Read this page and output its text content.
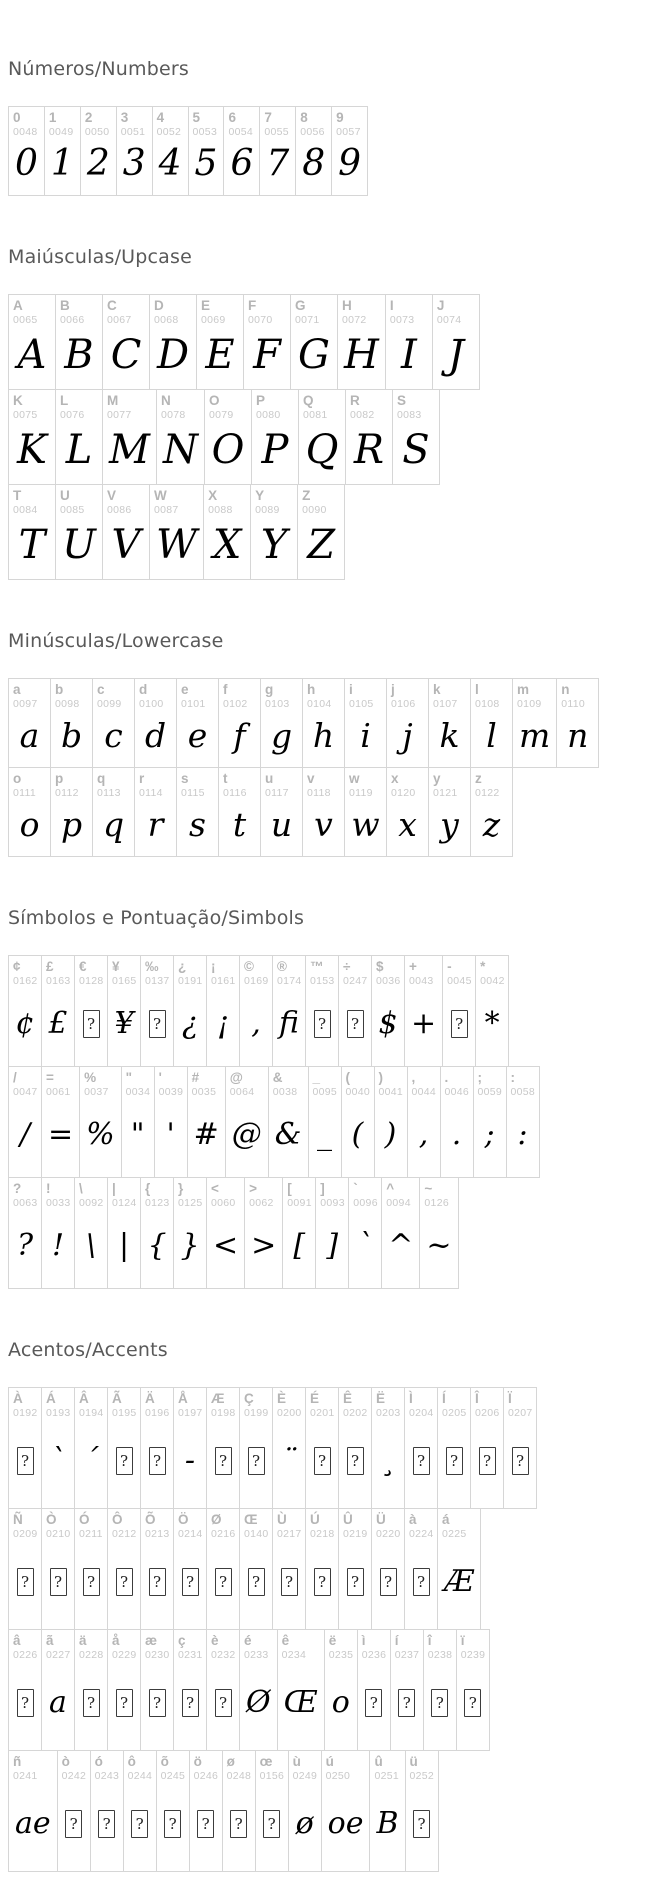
Números/Numbers
0
0048
0
1
0049
1
2
0050
2
3
0051
3
4
0052
4
5
0053
5
6
0054
6
7
0055
7
8
0056
8
9
0057
9
Maiúsculas/Upcase
A
0065
A
B
0066
B
C
0067
C
D
0068
D
E
0069
E
F
0070
F
G
0071
G
H
0072
H
I
0073
I
J
0074
J
K
0075
K
L
0076
L
M
0077
M
N
0078
N
O
0079
O
P
0080
P
Q
0081
Q
R
0082
R
S
0083
S
T
0084
T
U
0085
U
V
0086
V
W
0087
W
X
0088
X
Y
0089
Y
Z
0090
Z
Minúsculas/Lowercase
a
0097
a
b
0098
b
c
0099
c
d
0100
d
e
0101
e
f
0102
f
g
0103
g
h
0104
h
i
0105
i
j
0106
j
k
0107
k
l
0108
l
m
0109
m
n
0110
n
o
0111
o
p
0112
p
q
0113
q
r
0114
r
s
0115
s
t
0116
t
u
0117
u
v
0118
v
w
0119
w
x
0120
x
y
0121
y
z
0122
z
Símbolos e Pontuação/Simbols
¢
0162
¢
£
0163
£
€
0128
?
¥
0165
¥
‰
0137
?
¿
0191
¿
¡
0161
¡
©
0169
,
®
0174
fi
™
0153
?
÷
0247
?
$
0036
$
+
0043
+
-
0045
?
*
0042
*
/
0047
/
=
0061
=
%
0037
%
"
0034
"
'
0039
'
#
0035
#
@
0064
@
&
0038
&
_
0095
_
(
0040
(
)
0041
)
,
0044
,
.
0046
.
;
0059
;
:
0058
:
?
0063
?
!
0033
!
\
0092
\
|
0124
|
{
0123
{
}
0125
}
<
0060
<
>
0062
>
[
0091
[
]
0093
]
`
0096
`
^
0094
^
~
0126
~
Acentos/Accents
À
0192
?
Á
0193
`
Â
0194
´
Ã
0195
?
Ä
0196
?
Å
0197
-
Æ
0198
?
Ç
0199
?
È
0200
¨
É
0201
?
Ê
0202
?
Ë
0203
¸
Ì
0204
?
Í
0205
?
Î
0206
?
Ï
0207
?
Ñ
0209
?
Ò
0210
?
Ó
0211
?
Ô
0212
?
Õ
0213
?
Ö
0214
?
Ø
0216
?
Œ
0140
?
Ù
0217
?
Ú
0218
?
Û
0219
?
Ü
0220
?
à
0224
?
á
0225
Æ
â
0226
?
ã
0227
a
ä
0228
?
å
0229
?
æ
0230
?
ç
0231
?
è
0232
?
é
0233
Ø
ê
0234
Œ
ë
0235
o
ì
0236
?
í
0237
?
î
0238
?
ï
0239
?
ñ
0241
ae
ò
0242
?
ó
0243
?
ô
0244
?
õ
0245
?
ö
0246
?
ø
0248
?
œ
0156
?
ù
0249
ø
ú
0250
oe
û
0251
B
ü
0252
?
